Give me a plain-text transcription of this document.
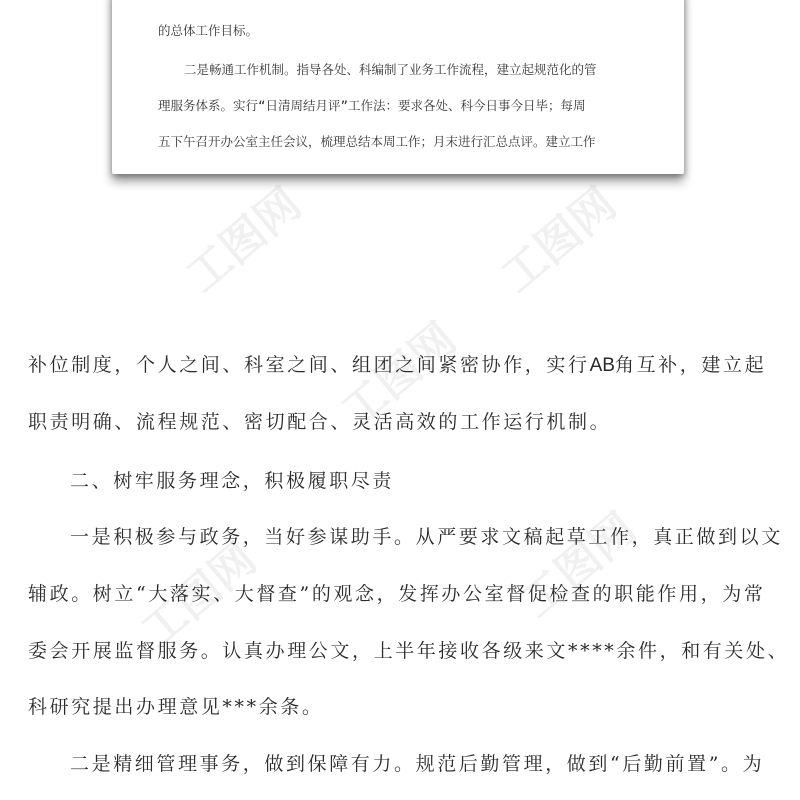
工图网	工图网
工图网
工图网	工图网
的总体工作目标。
二是畅通工作机制。指导各处、科编制了业务工作流程，建立起规范化的管
理服务体系。实行“日清周结月评”工作法：要求各处、科今日事今日毕；每周
五下午召开办公室主任会议，梳理总结本周工作；月末进行汇总点评。建立工作
补位制度，个人之间、科室之间、组团之间紧密协作，实行AB角互补，建立起
职责明确、流程规范、密切配合、灵活高效的工作运行机制。
二、树牢服务理念，积极履职尽责
一是积极参与政务，当好参谋助手。从严要求文稿起草工作，真正做到以文
辅政。树立“大落实、大督查”的观念，发挥办公室督促检查的职能作用，为常
委会开展监督服务。认真办理公文，上半年接收各级来文****余件，和有关处、
科研究提出办理意见***余条。
二是精细管理事务，做到保障有力。规范后勤管理，做到“后勤前置”。为
